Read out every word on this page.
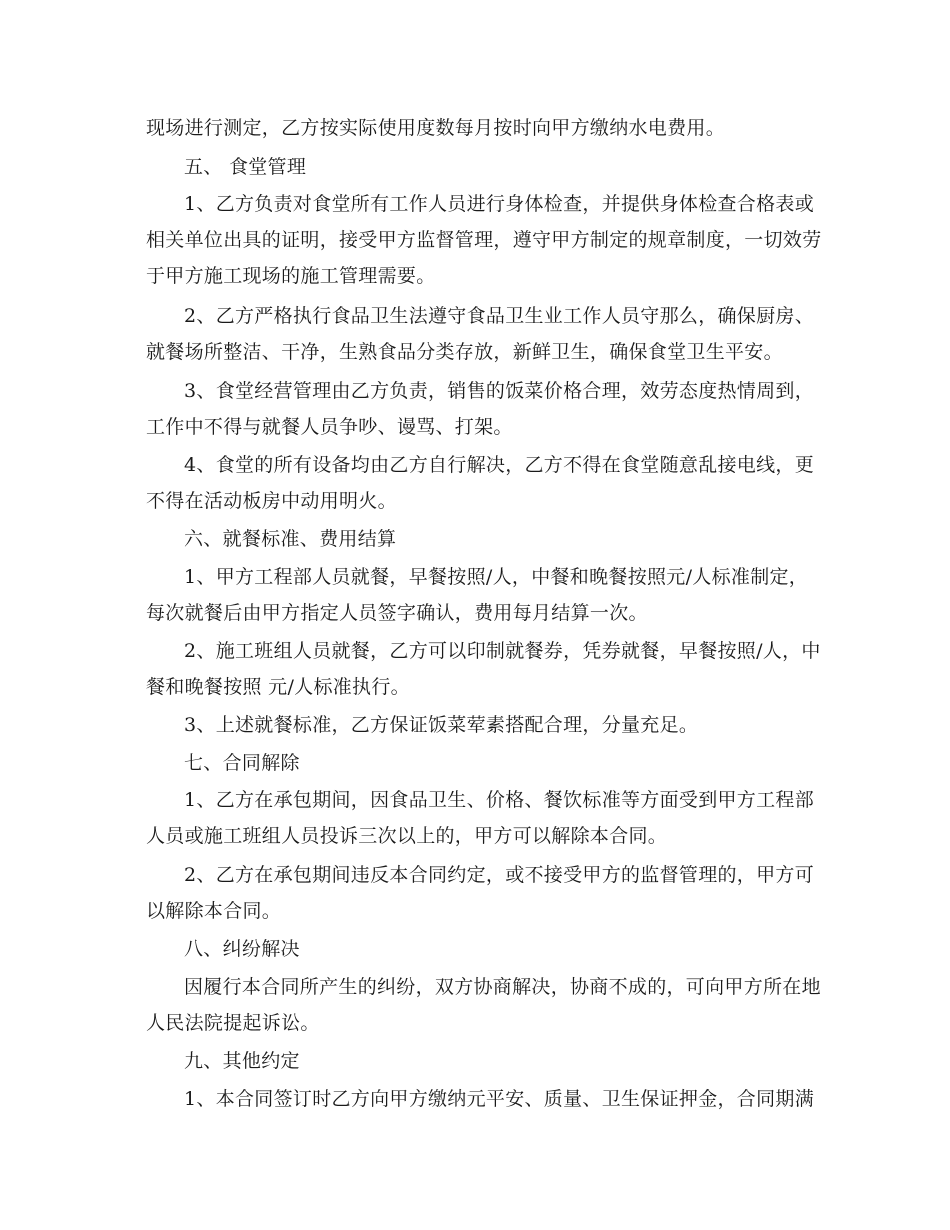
现场进行测定，乙方按实际使用度数每月按时向甲方缴纳水电费用。
五、 食堂管理
1、乙方负责对食堂所有工作人员进行身体检查，并提供身体检查合格表或
相关单位出具的证明，接受甲方监督管理，遵守甲方制定的规章制度，一切效劳
于甲方施工现场的施工管理需要。
2、乙方严格执行食品卫生法遵守食品卫生业工作人员守那么，确保厨房、
就餐场所整洁、干净，生熟食品分类存放，新鲜卫生，确保食堂卫生平安。
3、食堂经营管理由乙方负责，销售的饭菜价格合理，效劳态度热情周到，
工作中不得与就餐人员争吵、谩骂、打架。
4、食堂的所有设备均由乙方自行解决，乙方不得在食堂随意乱接电线，更
不得在活动板房中动用明火。
六、就餐标准、费用结算
1、甲方工程部人员就餐，早餐按照/人，中餐和晚餐按照元/人标准制定，
每次就餐后由甲方指定人员签字确认，费用每月结算一次。
2、施工班组人员就餐，乙方可以印制就餐券，凭券就餐，早餐按照/人，中
餐和晚餐按照 元/人标准执行。
3、上述就餐标准，乙方保证饭菜荤素搭配合理，分量充足。
七、合同解除
1、乙方在承包期间，因食品卫生、价格、餐饮标准等方面受到甲方工程部
人员或施工班组人员投诉三次以上的，甲方可以解除本合同。
2、乙方在承包期间违反本合同约定，或不接受甲方的监督管理的，甲方可
以解除本合同。
八、纠纷解决
因履行本合同所产生的纠纷，双方协商解决，协商不成的，可向甲方所在地
人民法院提起诉讼。
九、其他约定
1、本合同签订时乙方向甲方缴纳元平安、质量、卫生保证押金，合同期满
